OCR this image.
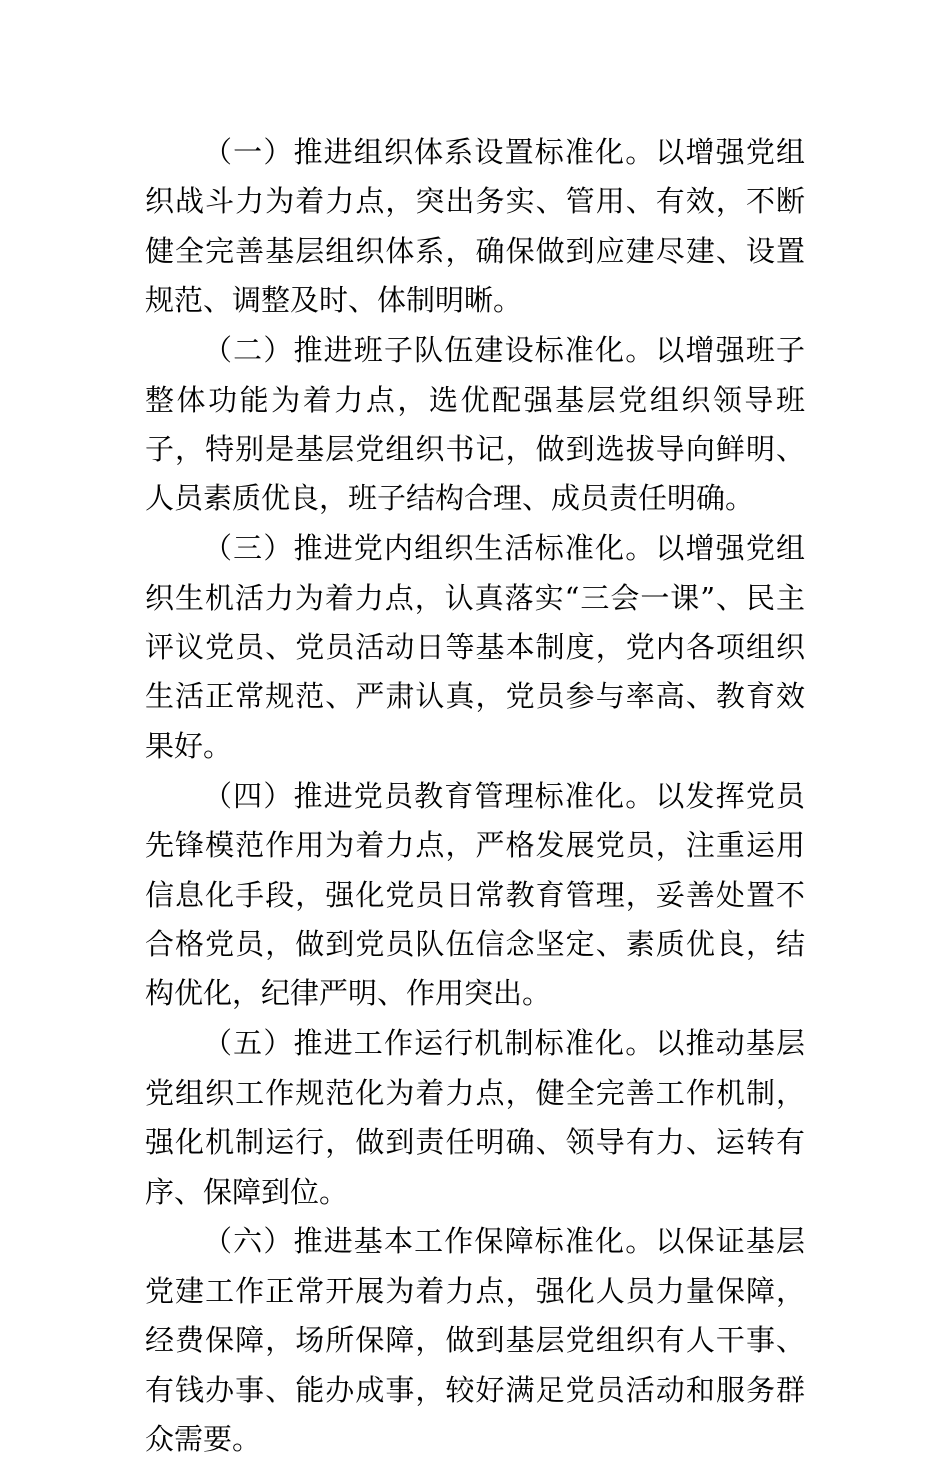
（一）推进组织体系设置标准化。以增强党组织战斗力为着力点，突出务实、管用、有效，不断健全完善基层组织体系，确保做到应建尽建、设置规范、调整及时、体制明晰。

（二）推进班子队伍建设标准化。以增强班子整体功能为着力点，选优配强基层党组织领导班子，特别是基层党组织书记，做到选拔导向鲜明、人员素质优良，班子结构合理、成员责任明确。

（三）推进党内组织生活标准化。以增强党组织生机活力为着力点，认真落实“三会一课”、民主评议党员、党员活动日等基本制度，党内各项组织生活正常规范、严肃认真，党员参与率高、教育效果好。

（四）推进党员教育管理标准化。以发挥党员先锋模范作用为着力点，严格发展党员，注重运用信息化手段，强化党员日常教育管理，妥善处置不合格党员，做到党员队伍信念坚定、素质优良，结构优化，纪律严明、作用突出。

（五）推进工作运行机制标准化。以推动基层党组织工作规范化为着力点，健全完善工作机制，强化机制运行，做到责任明确、领导有力、运转有序、保障到位。

（六）推进基本工作保障标准化。以保证基层党建工作正常开展为着力点，强化人员力量保障，经费保障，场所保障，做到基层党组织有人干事、有钱办事、能办成事，较好满足党员活动和服务群众需要。
